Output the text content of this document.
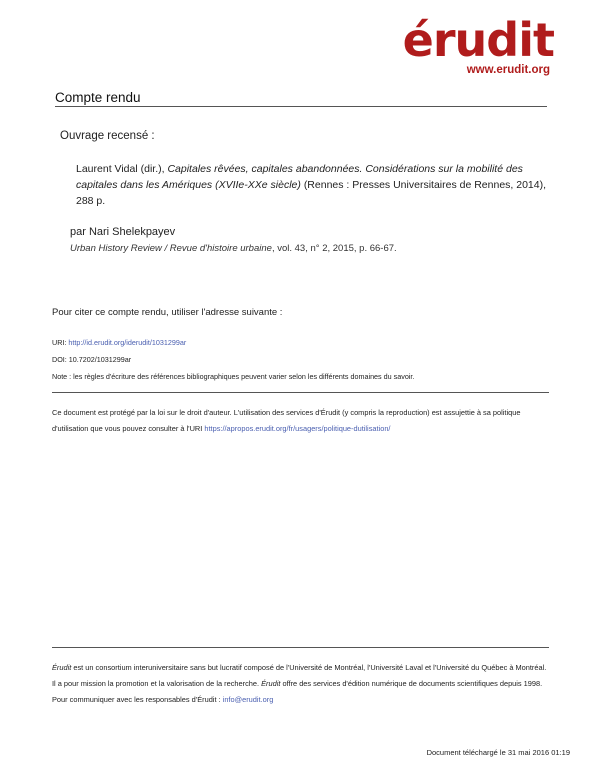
érudit
www.erudit.org
Compte rendu
Ouvrage recensé :
Laurent Vidal (dir.), Capitales rêvées, capitales abandonnées. Considérations sur la mobilité des capitales dans les Amériques (XVIIe-XXe siècle) (Rennes : Presses Universitaires de Rennes, 2014), 288 p.
par Nari Shelekpayev
Urban History Review / Revue d'histoire urbaine, vol. 43, n° 2, 2015, p. 66-67.
Pour citer ce compte rendu, utiliser l'adresse suivante :
URI: http://id.erudit.org/iderudit/1031299ar
DOI: 10.7202/1031299ar
Note : les règles d'écriture des références bibliographiques peuvent varier selon les différents domaines du savoir.
Ce document est protégé par la loi sur le droit d'auteur. L'utilisation des services d'Érudit (y compris la reproduction) est assujettie à sa politique d'utilisation que vous pouvez consulter à l'URI https://apropos.erudit.org/fr/usagers/politique-dutilisation/
Érudit est un consortium interuniversitaire sans but lucratif composé de l'Université de Montréal, l'Université Laval et l'Université du Québec à Montréal. Il a pour mission la promotion et la valorisation de la recherche. Érudit offre des services d'édition numérique de documents scientifiques depuis 1998.
Pour communiquer avec les responsables d'Érudit : info@erudit.org
Document téléchargé le 31 mai 2016 01:19
